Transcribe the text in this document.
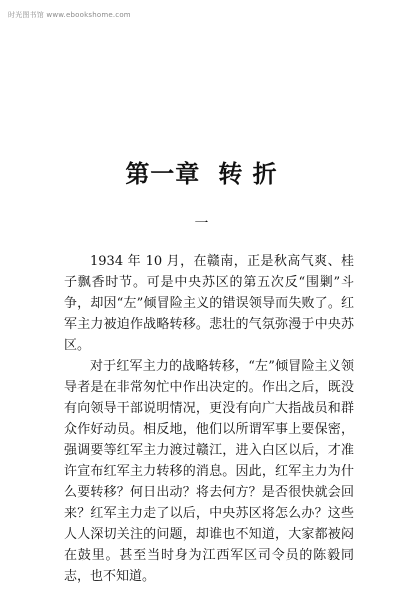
时光图书馆 www.ebookshome.com
第一章 转 折
一

1934 年 10 月，在赣南，正是秋高气爽、桂子飘香时节。可是中央苏区的第五次反“围剿”斗争，却因“左”倾冒险主义的错误领导而失败了。红军主力被迫作战略转移。悲壮的气氛弥漫于中央苏区。

对于红军主力的战略转移，“左”倾冒险主义领导者是在非常匆忙中作出决定的。作出之后，既没有向领导干部说明情况，更没有向广大指战员和群众作好动员。相反地，他们以所谓军事上要保密，强调要等红军主力渡过赣江，进入白区以后，才准许宣布红军主力转移的消息。因此，红军主力为什么要转移？何日出动？将去何方？是否很快就会回来？红军主力走了以后，中央苏区将怎么办？这些人人深切关注的问题，却谁也不知道，大家都被闷在鼓里。甚至当时身为江西军区司令员的陈毅同志，也不知道。
